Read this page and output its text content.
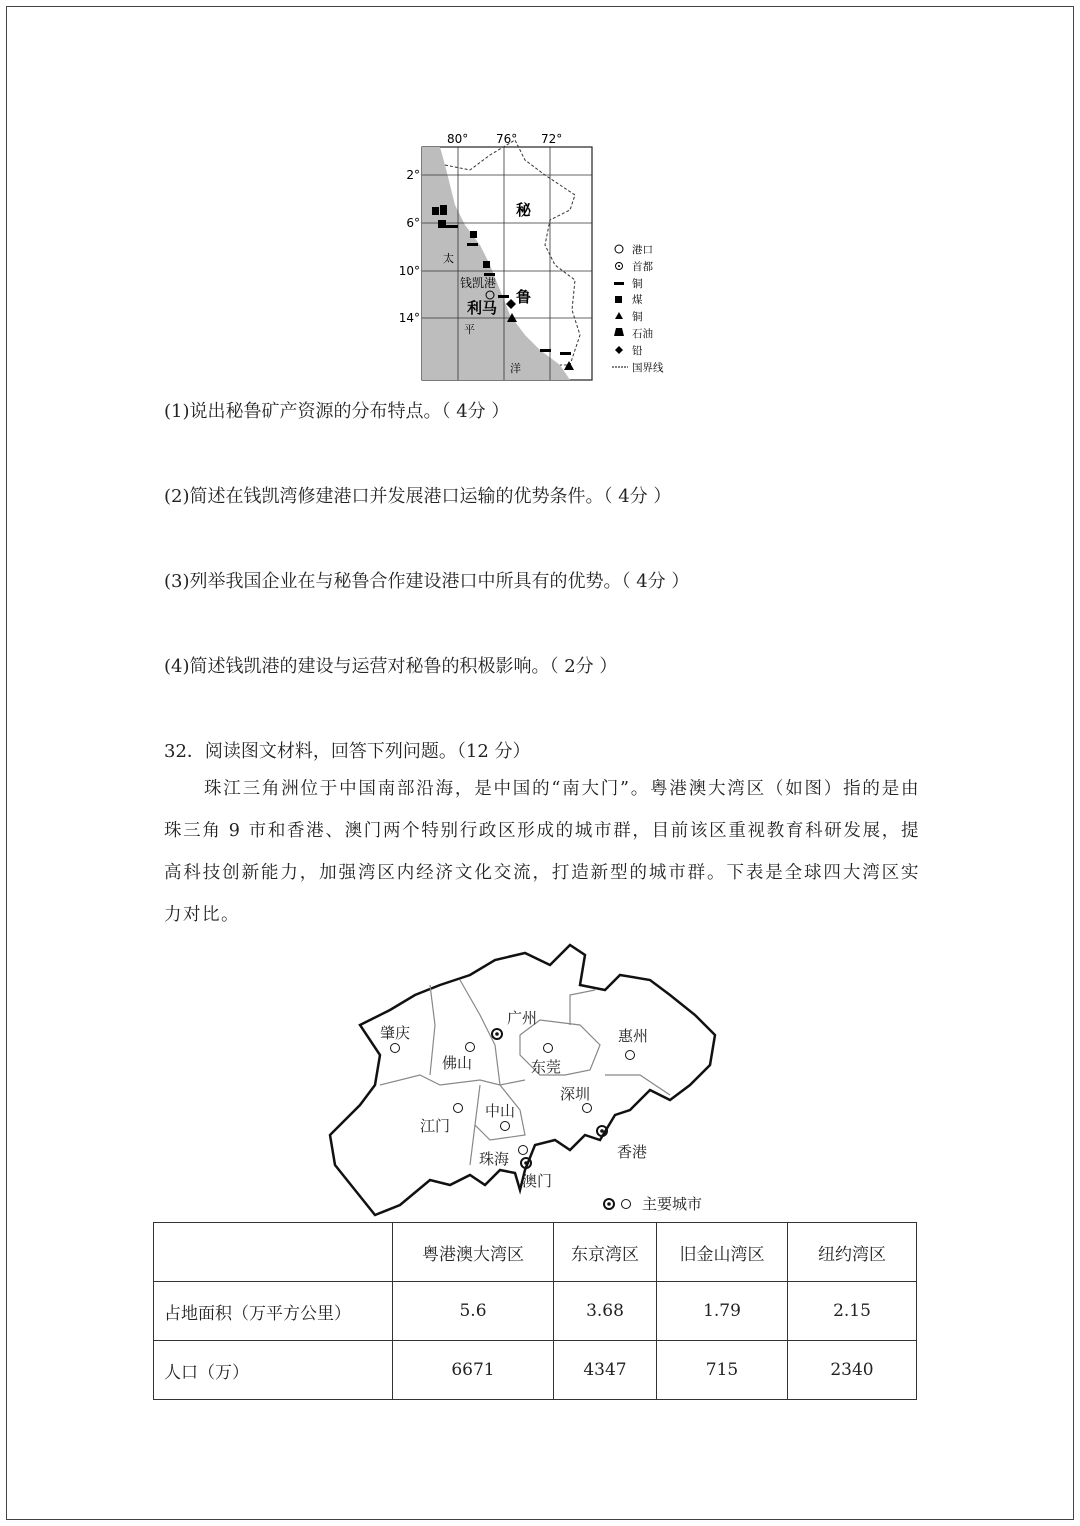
80° 76° 72°
2°
6°
10°
14°
秘
鲁
钱凯港
利马
太
平
洋
港口
首都
铜
煤
铜
石油
铅
国界线
(1)说出秘鲁矿产资源的分布特点。（ 4分 ）
(2)简述在钱凯湾修建港口并发展港口运输的优势条件。（ 4分 ）
(3)列举我国企业在与秘鲁合作建设港口中所具有的优势。（ 4分 ）
(4)简述钱凯港的建设与运营对秘鲁的积极影响。（ 2分 ）
32．阅读图文材料，回答下列问题。（12 分）
珠江三角洲位于中国南部沿海，是中国的“南大门”。粤港澳大湾区（如图）指的是由珠三角 9 市和香港、澳门两个特别行政区形成的城市群，目前该区重视教育科研发展，提高科技创新能力，加强湾区内经济文化交流，打造新型的城市群。下表是全球四大湾区实力对比。
肇庆
广州
佛山	东莞
惠州
深圳
江门
中山
珠海	香港
澳门
主要城市
	粤港澳大湾区	东京湾区	旧金山湾区	纽约湾区
占地面积（万平方公里）	5.6	3.68	1.79	2.15
人口（万）	6671	4347	715	2340
